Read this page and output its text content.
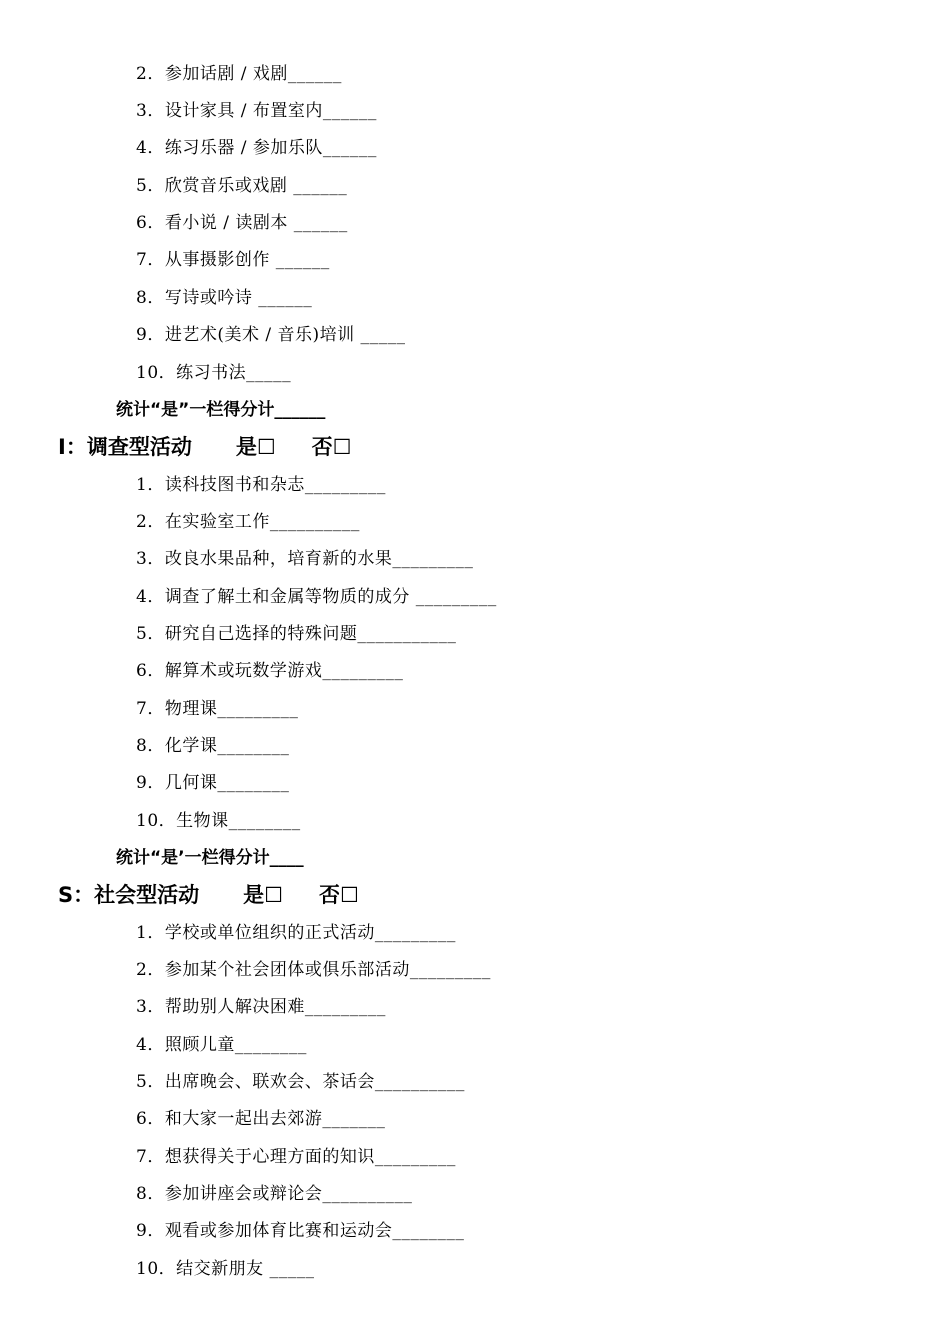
2．参加话剧 / 戏剧______
3．设计家具 / 布置室内______
4．练习乐器 / 参加乐队______
5．欣赏音乐或戏剧 ______
6．看小说 / 读剧本 ______
7．从事摄影创作 ______
8．写诗或吟诗 ______
9．进艺术(美术 / 音乐)培训 _____
10．练习书法_____
统计“是”一栏得分计______
I：调查型活动 是☐ 否☐
1．读科技图书和杂志_________
2．在实验室工作__________
3．改良水果品种，培育新的水果_________
4．调查了解土和金属等物质的成分 _________
5．研究自己选择的特殊问题___________
6．解算术或玩数学游戏_________
7．物理课_________
8．化学课________
9．几何课________
10．生物课________
统计“是’一栏得分计____
S：社会型活动 是☐ 否☐
1．学校或单位组织的正式活动_________
2．参加某个社会团体或俱乐部活动_________
3．帮助别人解决困难_________
4．照顾儿童________
5．出席晚会、联欢会、茶话会__________
6．和大家一起出去郊游_______
7．想获得关于心理方面的知识_________
8．参加讲座会或辩论会__________
9．观看或参加体育比赛和运动会________
10．结交新朋友 _____
